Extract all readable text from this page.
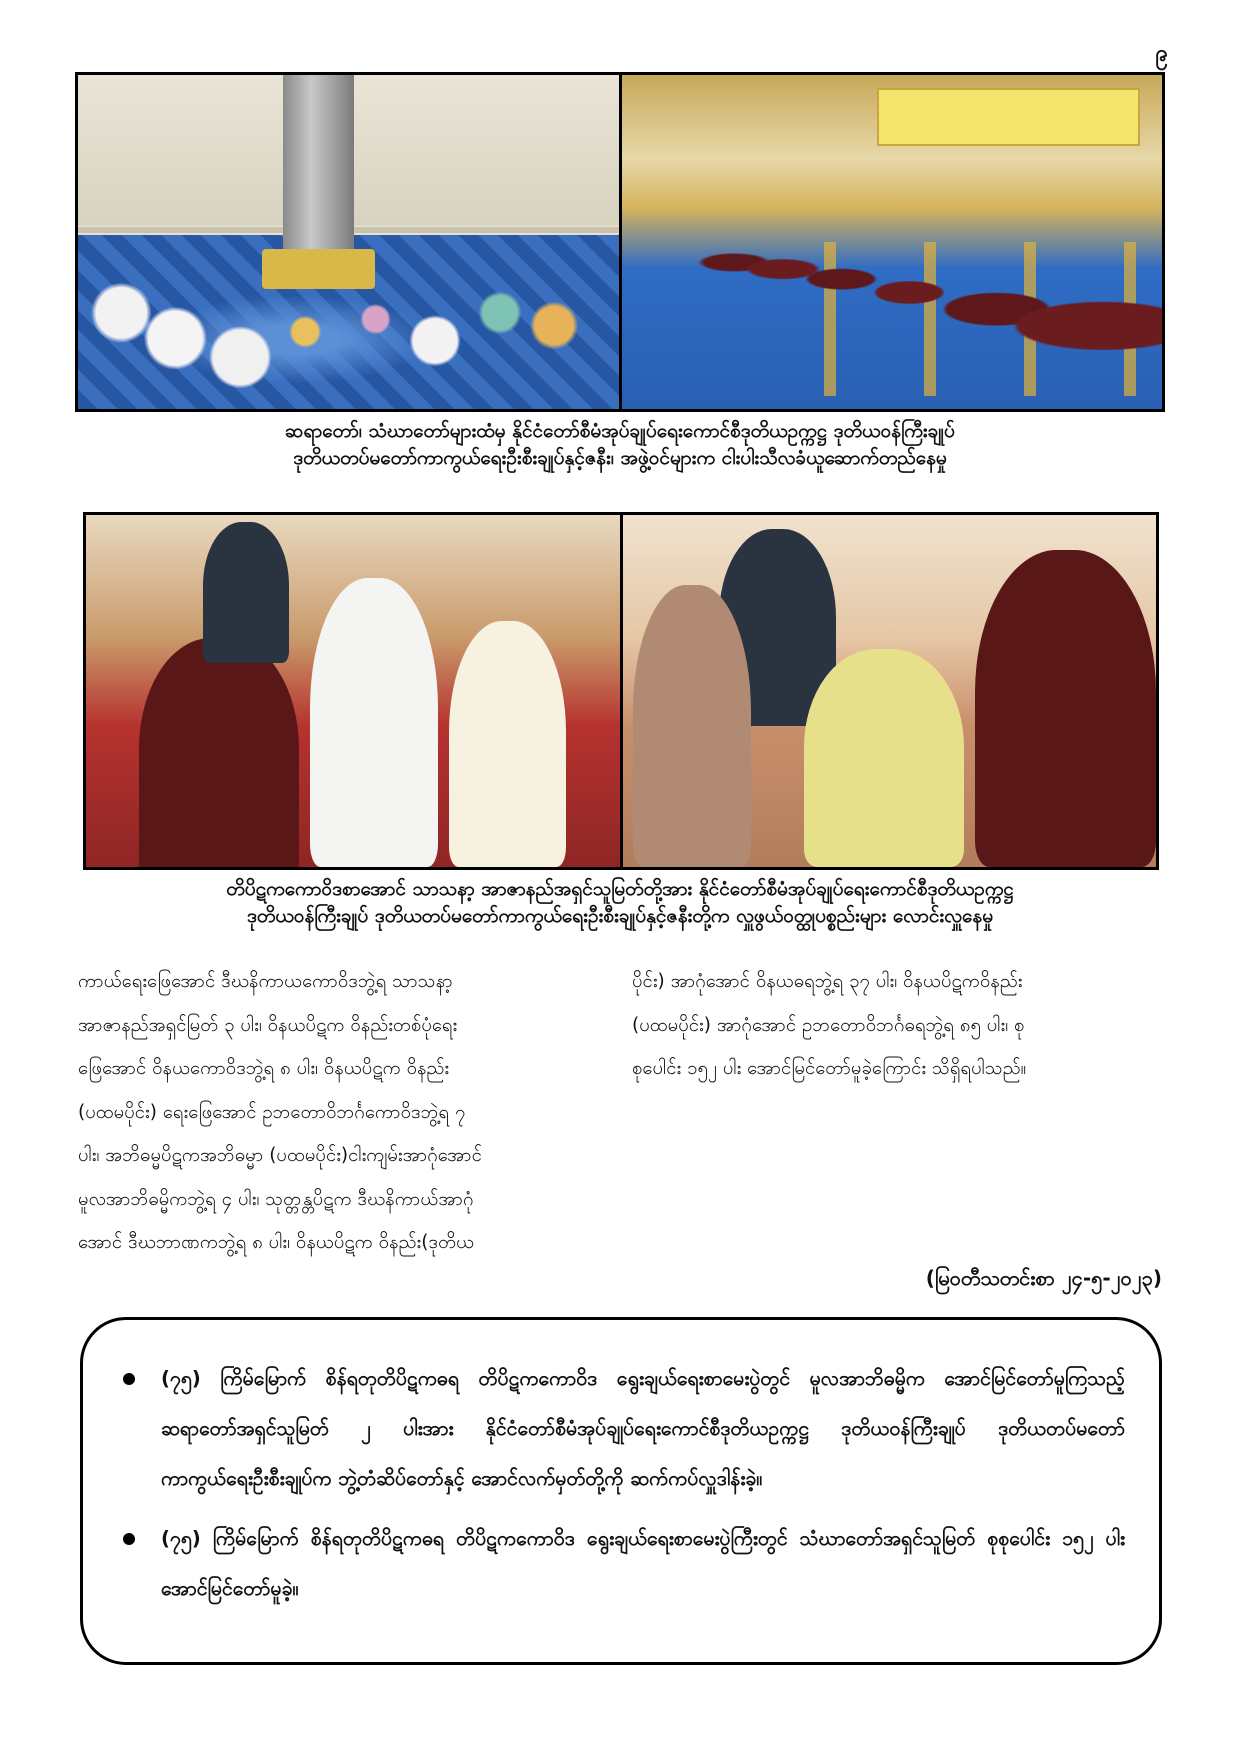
၉
ဆရာတော်၊ သံဃာတော်များထံမှ နိုင်ငံတော်စီမံအုပ်ချုပ်ရေးကောင်စီဒုတိယဥက္ကဋ္ဌ ဒုတိယဝန်ကြီးချုပ်
ဒုတိယတပ်မတော်ကာကွယ်ရေးဦးစီးချုပ်နှင့်ဇနီး၊ အဖွဲ့ဝင်များက ငါးပါးသီလခံယူဆောက်တည်နေမှု
တိပိဋကကောဝိဒစာအောင် သာသနာ့ အာဇာနည်အရှင်သူမြတ်တို့အား နိုင်ငံတော်စီမံအုပ်ချုပ်ရေးကောင်စီဒုတိယဥက္ကဋ္ဌ
ဒုတိယဝန်ကြီးချုပ် ဒုတိယတပ်မတော်ကာကွယ်ရေးဦးစီးချုပ်နှင့်ဇနီးတို့က လှူဖွယ်ဝတ္ထုပစ္စည်းများ လောင်းလှူနေမှု
ကာယ်ရေးဖြေအောင် ဒီဃနိကာယကောဝိဒဘွဲ့ရ သာသနာ့
အာဇာနည်အရှင်မြတ် ၃ ပါး၊ ဝိနယပိဋက ဝိနည်းတစ်ပုံရေး
ဖြေအောင် ဝိနယကောဝိဒဘွဲ့ရ ၈ ပါး၊ ဝိနယပိဋက ဝိနည်း
(ပထမပိုင်း) ရေးဖြေအောင် ဥဘတောဝိဘင်္ဂကောဝိဒဘွဲ့ရ ၇
ပါး၊ အဘိဓမ္မပိဋကအဘိဓမ္မာ (ပထမပိုင်း)ငါးကျမ်းအာဂုံအောင်
မူလအာဘိဓမ္မိကဘွဲ့ရ ၄ ပါး၊ သုတ္တန္တပိဋက ဒီဃနိကာယ်အာဂုံ
အောင် ဒီဃဘာဏကဘွဲ့ရ ၈ ပါး၊ ဝိနယပိဋက ဝိနည်း(ဒုတိယ
ပိုင်း) အာဂုံအောင် ဝိနယဓရဘွဲ့ရ ၃၇ ပါး၊ ဝိနယပိဋကဝိနည်း
(ပထမပိုင်း) အာဂုံအောင် ဥဘတောဝိဘင်္ဂဓရဘွဲ့ရ ၈၅ ပါး၊ စု
စုပေါင်း ၁၅၂ ပါး အောင်မြင်တော်မူခဲ့ကြောင်း သိရှိရပါသည်။
(မြဝတီသတင်းစာ ၂၄-၅-၂၀၂၃)
(၇၅) ကြိမ်မြောက် စိန်ရတုတိပိဋကဓရ တိပိဋကကောဝိဒ ရွေးချယ်ရေးစာမေးပွဲတွင် မူလအာဘိဓမ္မိက အောင်မြင်တော်မူကြသည့် ဆရာတော်အရှင်သူမြတ် ၂ ပါးအား နိုင်ငံတော်စီမံအုပ်ချုပ်ရေးကောင်စီဒုတိယဥက္ကဋ္ဌ ဒုတိယဝန်ကြီးချုပ် ဒုတိယတပ်မတော်ကာကွယ်ရေးဦးစီးချုပ်က ဘွဲ့တံဆိပ်တော်နှင့် အောင်လက်မှတ်တို့ကို ဆက်ကပ်လှူဒါန်းခဲ့။
(၇၅) ကြိမ်မြောက် စိန်ရတုတိပိဋကဓရ တိပိဋကကောဝိဒ ရွေးချယ်ရေးစာမေးပွဲကြီးတွင် သံဃာတော်အရှင်သူမြတ် စုစုပေါင်း ၁၅၂ ပါး အောင်မြင်တော်မူခဲ့။
